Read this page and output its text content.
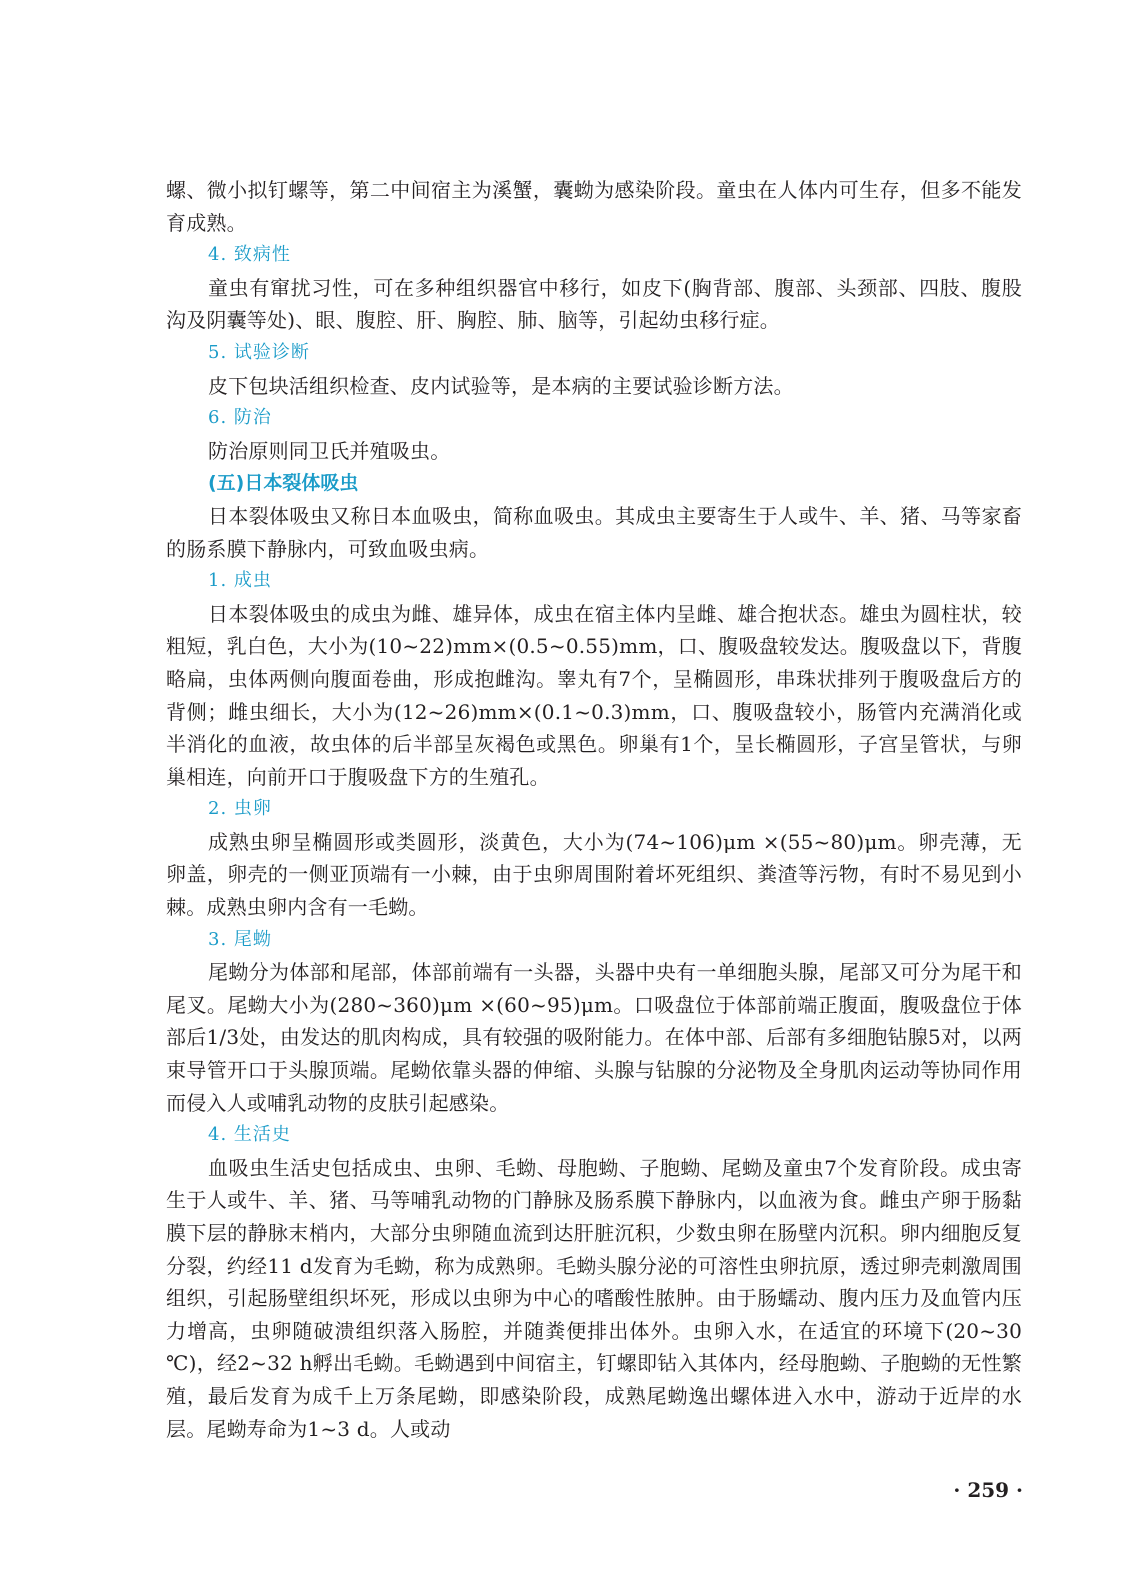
螺、微小拟钉螺等，第二中间宿主为溪蟹，囊蚴为感染阶段。童虫在人体内可生存，但多不能发育成熟。

4. 致病性

童虫有窜扰习性，可在多种组织器官中移行，如皮下(胸背部、腹部、头颈部、四肢、腹股沟及阴囊等处)、眼、腹腔、肝、胸腔、肺、脑等，引起幼虫移行症。

5. 试验诊断

皮下包块活组织检查、皮内试验等，是本病的主要试验诊断方法。

6. 防治

防治原则同卫氏并殖吸虫。

(五)日本裂体吸虫

日本裂体吸虫又称日本血吸虫，简称血吸虫。其成虫主要寄生于人或牛、羊、猪、马等家畜的肠系膜下静脉内，可致血吸虫病。

1. 成虫

日本裂体吸虫的成虫为雌、雄异体，成虫在宿主体内呈雌、雄合抱状态。雄虫为圆柱状，较粗短，乳白色，大小为(10~22)mm×(0.5~0.55)mm，口、腹吸盘较发达。腹吸盘以下，背腹略扁，虫体两侧向腹面卷曲，形成抱雌沟。睾丸有7个，呈椭圆形，串珠状排列于腹吸盘后方的背侧；雌虫细长，大小为(12~26)mm×(0.1~0.3)mm，口、腹吸盘较小，肠管内充满消化或半消化的血液，故虫体的后半部呈灰褐色或黑色。卵巢有1个，呈长椭圆形，子宫呈管状，与卵巢相连，向前开口于腹吸盘下方的生殖孔。

2. 虫卵

成熟虫卵呈椭圆形或类圆形，淡黄色，大小为(74~106)μm ×(55~80)μm。卵壳薄，无卵盖，卵壳的一侧亚顶端有一小棘，由于虫卵周围附着坏死组织、粪渣等污物，有时不易见到小棘。成熟虫卵内含有一毛蚴。

3. 尾蚴

尾蚴分为体部和尾部，体部前端有一头器，头器中央有一单细胞头腺，尾部又可分为尾干和尾叉。尾蚴大小为(280~360)μm ×(60~95)μm。口吸盘位于体部前端正腹面，腹吸盘位于体部后1/3处，由发达的肌肉构成，具有较强的吸附能力。在体中部、后部有多细胞钻腺5对，以两束导管开口于头腺顶端。尾蚴依靠头器的伸缩、头腺与钻腺的分泌物及全身肌肉运动等协同作用而侵入人或哺乳动物的皮肤引起感染。

4. 生活史

血吸虫生活史包括成虫、虫卵、毛蚴、母胞蚴、子胞蚴、尾蚴及童虫7个发育阶段。成虫寄生于人或牛、羊、猪、马等哺乳动物的门静脉及肠系膜下静脉内，以血液为食。雌虫产卵于肠黏膜下层的静脉末梢内，大部分虫卵随血流到达肝脏沉积，少数虫卵在肠壁内沉积。卵内细胞反复分裂，约经11 d发育为毛蚴，称为成熟卵。毛蚴头腺分泌的可溶性虫卵抗原，透过卵壳刺激周围组织，引起肠壁组织坏死，形成以虫卵为中心的嗜酸性脓肿。由于肠蠕动、腹内压力及血管内压力增高，虫卵随破溃组织落入肠腔，并随粪便排出体外。虫卵入水，在适宜的环境下(20~30 ℃)，经2~32 h孵出毛蚴。毛蚴遇到中间宿主，钉螺即钻入其体内，经母胞蚴、子胞蚴的无性繁殖，最后发育为成千上万条尾蚴，即感染阶段，成熟尾蚴逸出螺体进入水中，游动于近岸的水层。尾蚴寿命为1~3 d。人或动

· 259 ·
